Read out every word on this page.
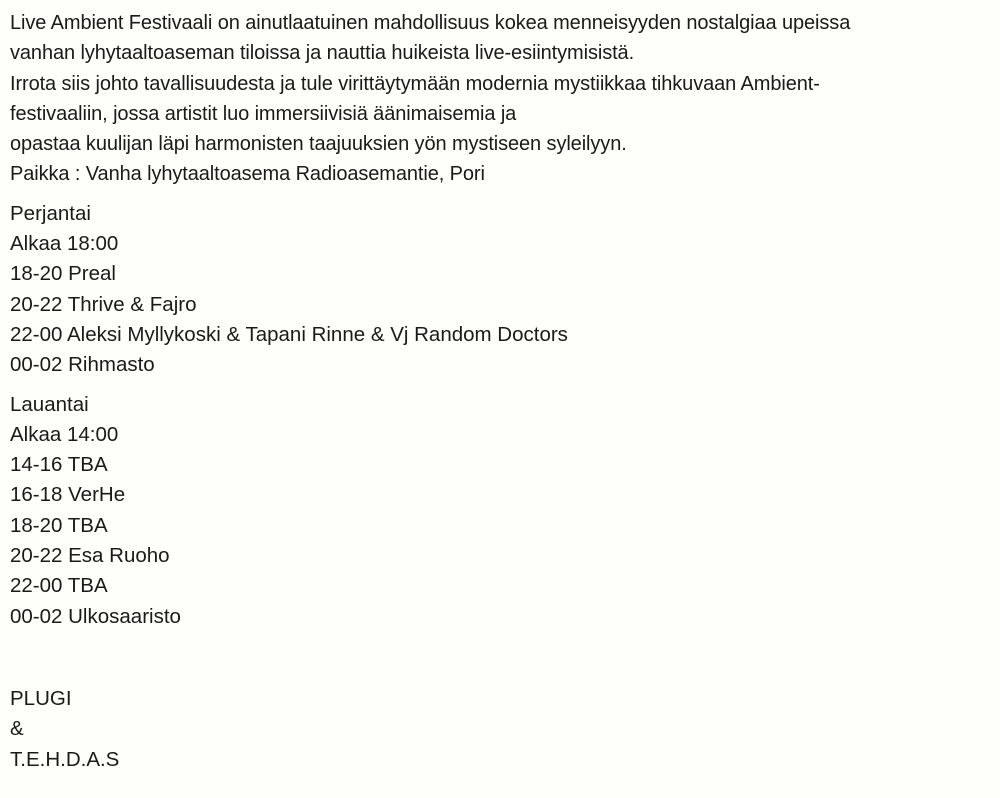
Live Ambient Festivaali on ainutlaatuinen mahdollisuus kokea menneisyyden nostalgiaa upeissa
vanhan lyhytaaltoaseman tiloissa ja nauttia huikeista live-esiintymisistä.
Irrota siis johto tavallisuudesta ja tule virittäytymään modernia mystiikkaa tihkuvaan Ambient-
festivaaliin, jossa artistit luo immersiivisiä äänimaisemia ja
opastaa kuulijan läpi harmonisten taajuuksien yön mystiseen syleilyyn.
Paikka : Vanha lyhytaaltoasema Radioasemantie, Pori
Perjantai
Alkaa 18:00
18-20 Preal
20-22 Thrive & Fajro
22-00 Aleksi Myllykoski & Tapani Rinne & Vj Random Doctors
00-02 Rihmasto
Lauantai
Alkaa 14:00
14-16 TBA
16-18 VerHe
18-20 TBA
20-22 Esa Ruoho
22-00 TBA
00-02 Ulkosaaristo
PLUGI
&
T.E.H.D.A.S
